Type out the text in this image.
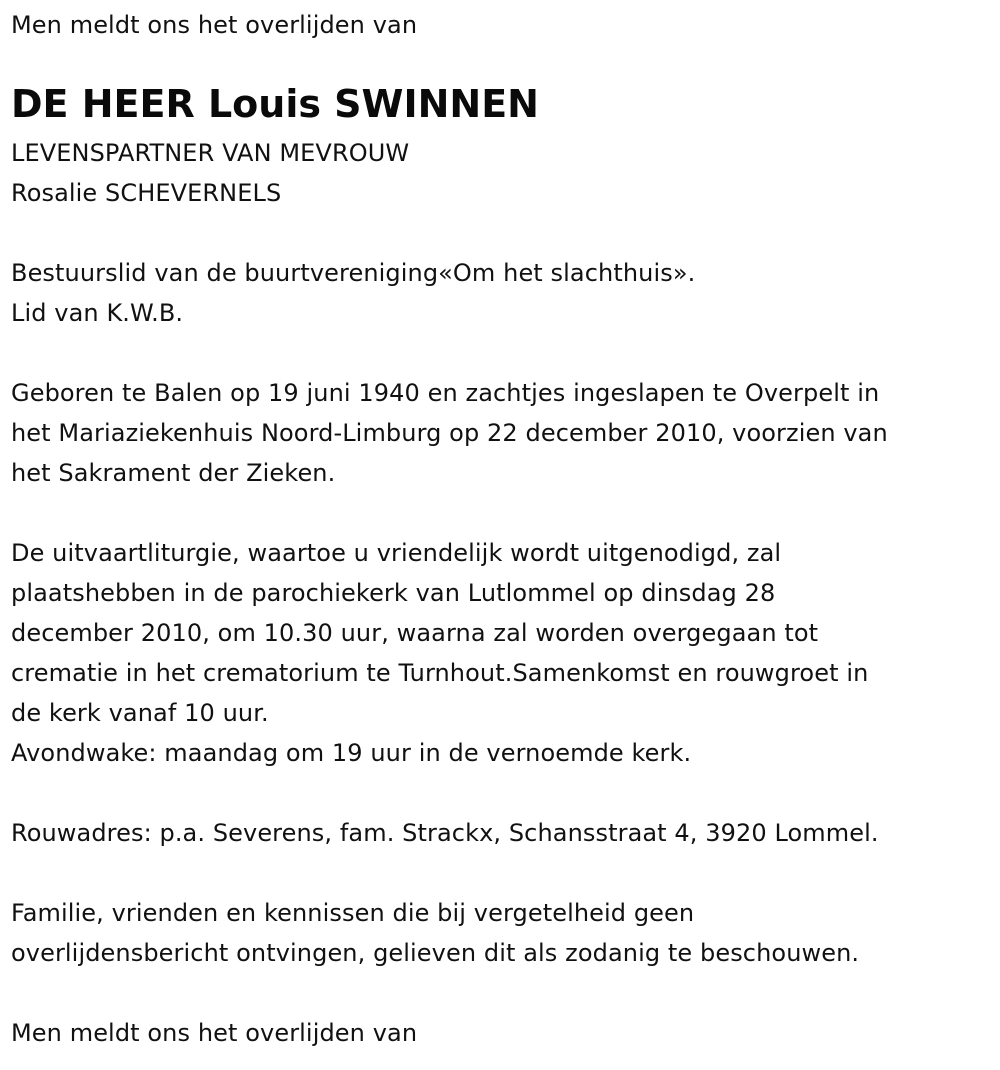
Men meldt ons het overlijden van
DE HEER Louis SWINNEN
LEVENSPARTNER VAN MEVROUW
Rosalie SCHEVERNELS
Bestuurslid van de buurtvereniging«Om het slachthuis».
Lid van K.W.B.
Geboren te Balen op 19 juni 1940 en zachtjes ingeslapen te Overpelt in
het Mariaziekenhuis Noord-Limburg op 22 december 2010, voorzien van
het Sakrament der Zieken.
De uitvaartliturgie, waartoe u vriendelijk wordt uitgenodigd, zal
plaatshebben in de parochiekerk van Lutlommel op dinsdag 28
december 2010, om 10.30 uur, waarna zal worden overgegaan tot
crematie in het crematorium te Turnhout.Samenkomst en rouwgroet in
de kerk vanaf 10 uur.
Avondwake: maandag om 19 uur in de vernoemde kerk.
Rouwadres: p.a. Severens, fam. Strackx, Schansstraat 4, 3920 Lommel.
Familie, vrienden en kennissen die bij vergetelheid geen
overlijdensbericht ontvingen, gelieven dit als zodanig te beschouwen.
Men meldt ons het overlijden van
